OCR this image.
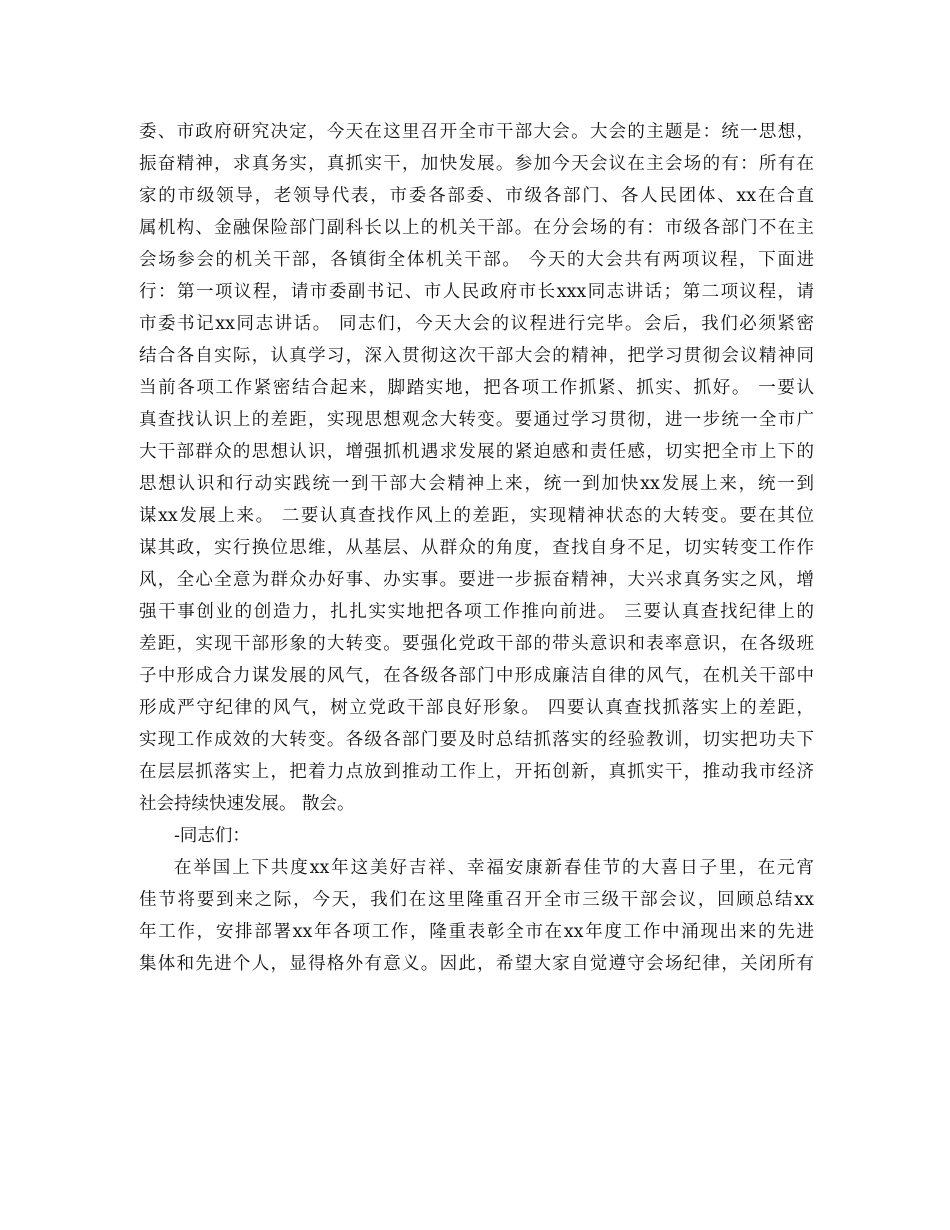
委、市政府研究决定，今天在这里召开全市干部大会。大会的主题是：统一思想，
振奋精神，求真务实，真抓实干，加快发展。参加今天会议在主会场的有：所有在
家的市级领导，老领导代表，市委各部委、市级各部门、各人民团体、xx在合直
属机构、金融保险部门副科长以上的机关干部。在分会场的有：市级各部门不在主
会场参会的机关干部，各镇街全体机关干部。 今天的大会共有两项议程，下面进
行：第一项议程，请市委副书记、市人民政府市长xxx同志讲话；第二项议程，请
市委书记xx同志讲话。 同志们，今天大会的议程进行完毕。会后，我们必须紧密
结合各自实际，认真学习，深入贯彻这次干部大会的精神，把学习贯彻会议精神同
当前各项工作紧密结合起来，脚踏实地，把各项工作抓紧、抓实、抓好。 一要认
真查找认识上的差距，实现思想观念大转变。要通过学习贯彻，进一步统一全市广
大干部群众的思想认识，增强抓机遇求发展的紧迫感和责任感，切实把全市上下的
思想认识和行动实践统一到干部大会精神上来，统一到加快xx发展上来，统一到
谋xx发展上来。 二要认真查找作风上的差距，实现精神状态的大转变。要在其位
谋其政，实行换位思维，从基层、从群众的角度，查找自身不足，切实转变工作作
风，全心全意为群众办好事、办实事。要进一步振奋精神，大兴求真务实之风，增
强干事创业的创造力，扎扎实实地把各项工作推向前进。 三要认真查找纪律上的
差距，实现干部形象的大转变。要强化党政干部的带头意识和表率意识，在各级班
子中形成合力谋发展的风气，在各级各部门中形成廉洁自律的风气，在机关干部中
形成严守纪律的风气，树立党政干部良好形象。 四要认真查找抓落实上的差距，
实现工作成效的大转变。各级各部门要及时总结抓落实的经验教训，切实把功夫下
在层层抓落实上，把着力点放到推动工作上，开拓创新，真抓实干，推动我市经济
社会持续快速发展。 散会。
-同志们：
在举国上下共度xx年这美好吉祥、幸福安康新春佳节的大喜日子里，在元宵
佳节将要到来之际，今天，我们在这里隆重召开全市三级干部会议，回顾总结xx
年工作，安排部署xx年各项工作，隆重表彰全市在xx年度工作中涌现出来的先进
集体和先进个人，显得格外有意义。因此，希望大家自觉遵守会场纪律，关闭所有
